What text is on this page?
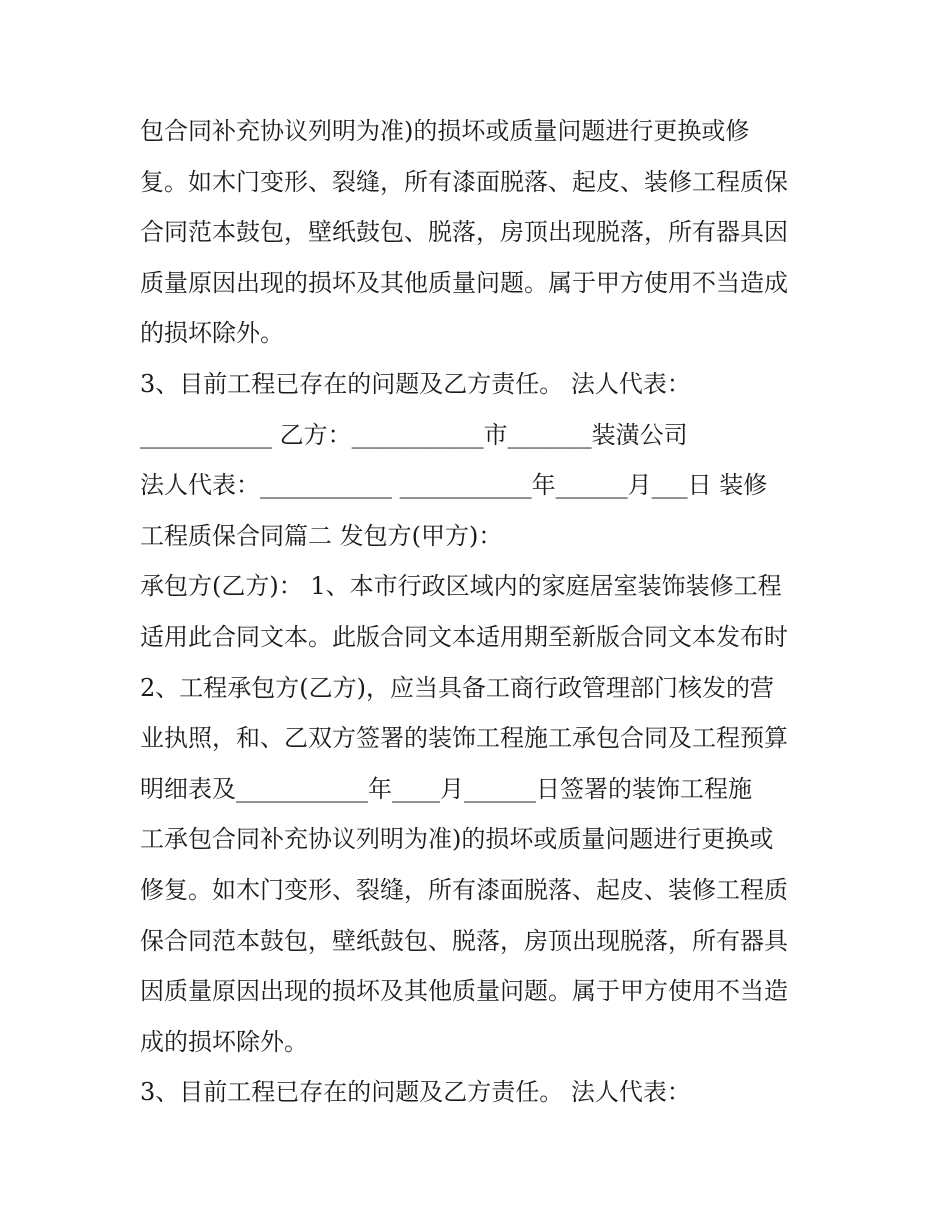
包合同补充协议列明为准)的损坏或质量问题进行更换或修
复。如木门变形、裂缝，所有漆面脱落、起皮、装修工程质保
合同范本鼓包，壁纸鼓包、脱落，房顶出现脱落，所有器具因
质量原因出现的损坏及其他质量问题。属于甲方使用不当造成
的损坏除外。
3、目前工程已存在的问题及乙方责任。 法人代表：
___________ 乙方：___________市_______装潢公司
法人代表：___________ ___________年______月___日 装修
工程质保合同篇二 发包方(甲方)：
承包方(乙方)： 1、本市行政区域内的家庭居室装饰装修工程
适用此合同文本。此版合同文本适用期至新版合同文本发布时
2、工程承包方(乙方)，应当具备工商行政管理部门核发的营
业执照，和、乙双方签署的装饰工程施工承包合同及工程预算
明细表及___________年____月______日签署的装饰工程施
工承包合同补充协议列明为准)的损坏或质量问题进行更换或
修复。如木门变形、裂缝，所有漆面脱落、起皮、装修工程质
保合同范本鼓包，壁纸鼓包、脱落，房顶出现脱落，所有器具
因质量原因出现的损坏及其他质量问题。属于甲方使用不当造
成的损坏除外。
3、目前工程已存在的问题及乙方责任。 法人代表：
